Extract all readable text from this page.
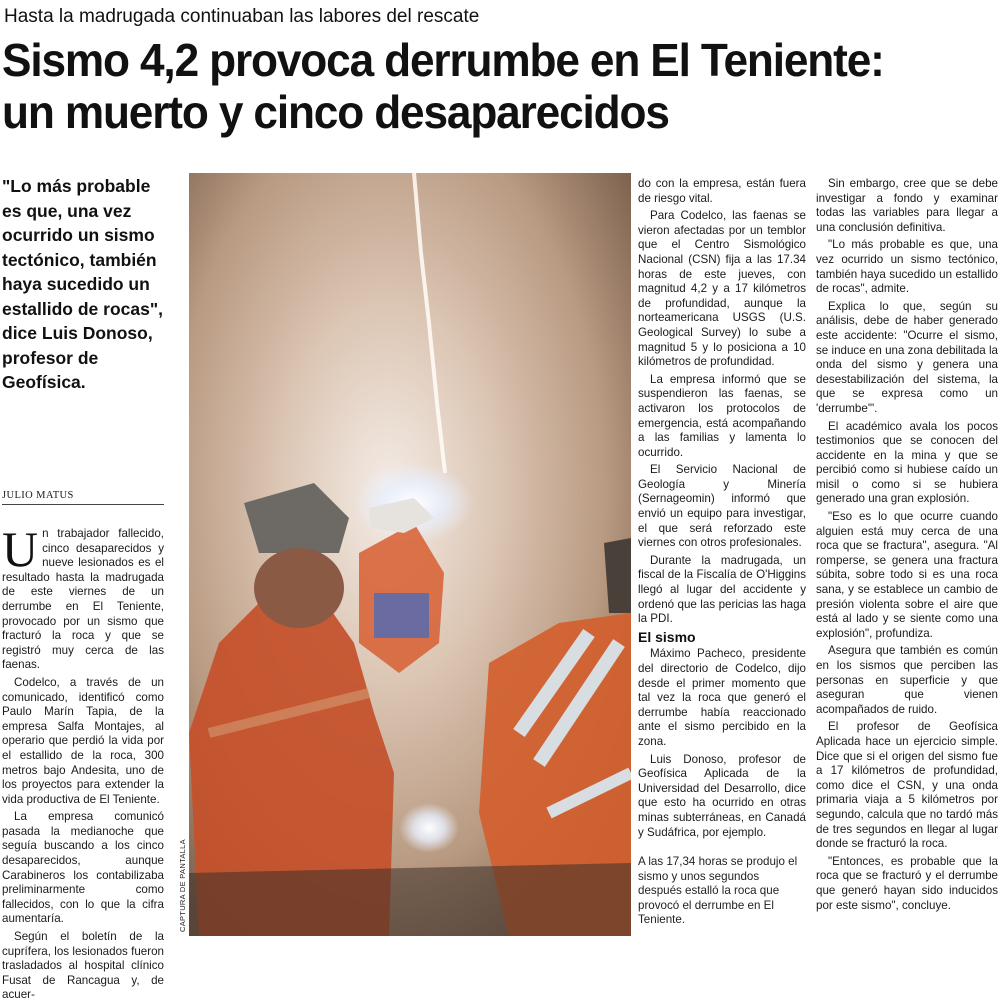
Hasta la madrugada continuaban las labores del rescate
Sismo 4,2 provoca derrumbe en El Teniente:
un muerto y cinco desaparecidos

"Lo más probable es que, una vez ocurrido un sismo tectónico, también haya sucedido un estallido de rocas", dice Luis Donoso, profesor de Geofísica.

JULIO MATUS

Un trabajador fallecido, cinco desaparecidos y nueve lesionados es el resultado hasta la madrugada de este viernes de un derrumbe en El Teniente, provocado por un sismo que fracturó la roca y que se registró muy cerca de las faenas.

Codelco, a través de un comunicado, identificó como Paulo Marín Tapia, de la empresa Salfa Montajes, al operario que perdió la vida por el estallido de la roca, 300 metros bajo Andesita, uno de los proyectos para extender la vida productiva de El Teniente.

La empresa comunicó pasada la medianoche que seguía buscando a los cinco desaparecidos, aunque Carabineros los contabilizaba preliminarmente como fallecidos, con lo que la cifra aumentaría.

Según el boletín de la cuprífera, los lesionados fueron trasladados al hospital clínico Fusat de Rancagua y, de acuer-

CAPTURA DE PANTALLA

do con la empresa, están fuera de riesgo vital.

Para Codelco, las faenas se vieron afectadas por un temblor que el Centro Sismológico Nacional (CSN) fija a las 17.34 horas de este jueves, con magnitud 4,2 y a 17 kilómetros de profundidad, aunque la norteamericana USGS (U.S. Geological Survey) lo sube a magnitud 5 y lo posiciona a 10 kilómetros de profundidad.

La empresa informó que se suspendieron las faenas, se activaron los protocolos de emergencia, está acompañando a las familias y lamenta lo ocurrido.

El Servicio Nacional de Geología y Minería (Sernageomin) informó que envió un equipo para investigar, el que será reforzado este viernes con otros profesionales.

Durante la madrugada, un fiscal de la Fiscalía de O'Higgins llegó al lugar del accidente y ordenó que las pericias las haga la PDI.

El sismo

Máximo Pacheco, presidente del directorio de Codelco, dijo desde el primer momento que tal vez la roca que generó el derrumbe había reaccionado ante el sismo percibido en la zona.

Luis Donoso, profesor de Geofísica Aplicada de la Universidad del Desarrollo, dice que esto ha ocurrido en otras minas subterráneas, en Canadá y Sudáfrica, por ejemplo.

A las 17,34 horas se produjo el sismo y unos segundos después estalló la roca que provocó el derrumbe en El Teniente.

Sin embargo, cree que se debe investigar a fondo y examinar todas las variables para llegar a una conclusión definitiva.

"Lo más probable es que, una vez ocurrido un sismo tectónico, también haya sucedido un estallido de rocas", admite.

Explica lo que, según su análisis, debe de haber generado este accidente: "Ocurre el sismo, se induce en una zona debilitada la onda del sismo y genera una desestabilización del sistema, la que se expresa como un 'derrumbe'".

El académico avala los pocos testimonios que se conocen del accidente en la mina y que se percibió como si hubiese caído un misil o como si se hubiera generado una gran explosión.

"Eso es lo que ocurre cuando alguien está muy cerca de una roca que se fractura", asegura. "Al romperse, se genera una fractura súbita, sobre todo si es una roca sana, y se establece un cambio de presión violenta sobre el aire que está al lado y se siente como una explosión", profundiza.

Asegura que también es común en los sismos que perciben las personas en superficie y que aseguran que vienen acompañados de ruido.

El profesor de Geofísica Aplicada hace un ejercicio simple. Dice que si el origen del sismo fue a 17 kilómetros de profundidad, como dice el CSN, y una onda primaria viaja a 5 kilómetros por segundo, calcula que no tardó más de tres segundos en llegar al lugar donde se fracturó la roca.

"Entonces, es probable que la roca que se fracturó y el derrumbe que generó hayan sido inducidos por este sismo", concluye.
